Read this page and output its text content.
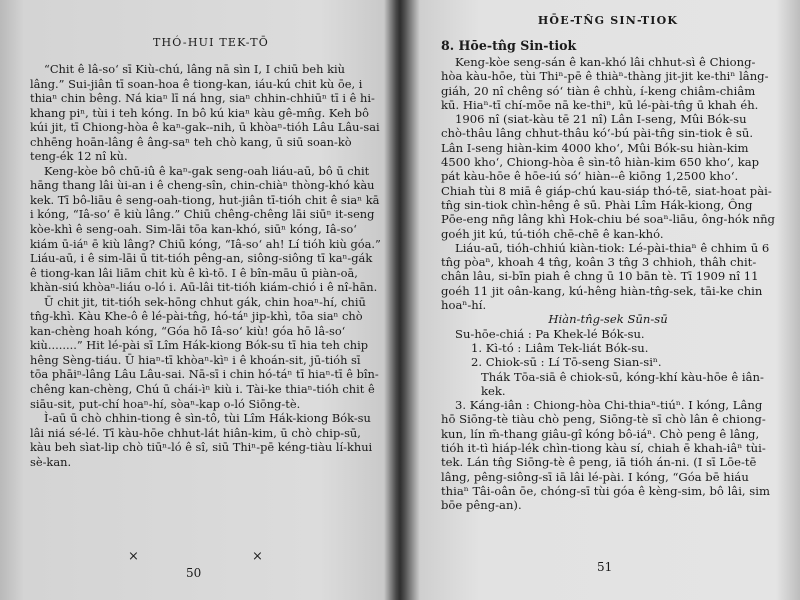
THÓ-HUI TEK-TŌ

“Chit ê lâ-soʻ sī Kiù-chú, lâng nā sìn I, I chiū beh kiù lâng.” Sui-jiân tī soan-hoa ê tiong-kan, iáu-kú chit kù ōe, i thiaⁿ chin bêng. Ná kiaⁿ lī ná hng, siaⁿ chhin-chhiūⁿ tī i ê hi-khang piⁿ, tùi i teh kóng. In bô kú kiaⁿ kàu gê-mn̂g. Keh bô kúi jit, tī Chiong-hòa ê kaⁿ-gak--nih, ū khòaⁿ-tióh Lâu Lâu-sai chhēng hoān-lâng ê âng-saⁿ teh chò kang, ū siū soan-kò teng-ék 12 nî kù.

Keng-kòe bô chū-iû ê kaⁿ-gak seng-oah liáu-aū, bô ū chit hāng thang lâi ùi-an i ê cheng-sîn, chin-chiàⁿ thòng-khó kàu kek. Tī bô-liāu ê seng-oah-tiong, hut-jiân tī-tióh chit ê siaⁿ kā i kóng, “Iâ-soʻ ē kiù lâng.” Chiū chêng-chêng lāi siūⁿ it-seng kòe-khì ê seng-oah. Sim-lāi tōa kan-khó, siūⁿ kóng, Iâ-soʻ kiám ū-iáⁿ ē kiù lâng? Chiū kóng, “Iâ-soʻ ah! Lí tióh kiù góa.” Liáu-aū, i ê sim-lāi ū tit-tióh pêng-an, siông-siông tī kaⁿ-gák ê tiong-kan lâi liām chit kù ê kì-tō. I ê bîn-māu ū piàn-oā, khàn-siú khòaⁿ-liáu o-ló i. Aū-lâi tit-tióh kiám-chió i ê nî-hān.

Ū chit jit, tit-tióh sek-hōng chhut gák, chin hoaⁿ-hí, chiū tn̂g-khì. Kàu Khe-ô ê lé-pài-tn̂g, hó-táⁿ jip-khì, tōa siaⁿ chò kan-chèng hoah kóng, “Góa hō Iâ-soʻ kiù! góa hō lâ-soʻ kiù........” Hit lé-pài sī Lîm Hák-kiong Bók-su tī hia teh chip hêng Sèng-tiáu. Ū hiaⁿ-tī khòaⁿ-kìⁿ i ê khoán-sit, jū-tióh sī tōa phāiⁿ-lâng Lâu Lâu-sai. Nā-sī i chin hó-táⁿ tī hiaⁿ-tī ê bîn-chêng kan-chèng, Chú ū chái-ìⁿ kiù i. Tài-ke thiaⁿ-tióh chit ê siāu-sit, put-chí hoaⁿ-hí, sòaⁿ-kap o-ló Siōng-tè.

Ì-aū ū chò chhin-tiong ê sìn-tô, tùi Lîm Hák-kiong Bók-su lâi niá sé-lé. Tī kàu-hōe chhut-lát hiân-kim, ū chò chip-sū, kàu beh sìat-lip chò tiūⁿ-ló ê sî, siū Thiⁿ-pē kéng-tiàu lí-khui sè-kan.

×	×
50
HŌE-TN̂G SIN-TIOK
8. Hōe-tn̂g Sin-tiok

Keng-kòe seng-sán ê kan-khó lâi chhut-sì ê Chiong-hòa kàu-hōe, tùi Thiⁿ-pē ê thiàⁿ-thàng jit-jit ke-thiⁿ lâng-giáh, 20 nî chêng sóʻ tiàn ê chhù, í-keng chiâm-chiâm kū. Hiaⁿ-tī chí-mōe nā ke-thiⁿ, kū lé-pài-tn̂g ū khah éh.

1906 nî (siat-kàu tē 21 nî) Lân I-seng, Mûi Bók-su chò-thâu lâng chhut-thâu kóʻ-bú pài-tn̂g sin-tiok ê sū. Lân I-seng hiàn-kim 4000 khoʻ, Mûi Bók-su hiàn-kim 4500 khoʻ, Chiong-hòa ê sìn-tô hiàn-kim 650 khoʻ, kap pát kàu-hōe ê hōe-iú sóʻ hiàn--ê kiōng 1,2500 khoʻ. Chiah tùi 8 miā ê giáp-chú kau-siáp thó-tē, siat-hoat pài-tn̂g sin-tiok chìn-hêng ê sū. Phài Lîm Hák-kiong, Ông Pōe-eng nn̄g lâng khì Hok-chiu bé soaⁿ-liāu, ông-hók nn̄g goéh jit kú, tú-tióh chē-chē ê kan-khó.

Liáu-aū, tióh-chhiú kiàn-tiok: Lé-pài-thiaⁿ ê chhim ū 6 tn̂g pòaⁿ, khoah 4 tn̂g, koân 3 tn̂g 3 chhioh, thâh chit-chân lâu, si-bīn piah ê chng ū 10 bān tè. Tī 1909 nî 11 goéh 11 jit oân-kang, kú-hêng hiàn-tn̂g-sek, tāi-ke chin hoaⁿ-hí.

Hiàn-tn̂g-sek Sūn-sū

Su-hōe-chiá : Pa Khek-lé Bók-su.

1. Kì-tó : Liâm Tek-liát Bók-su.

2. Chiok-sū : Lí Tō-seng Sian-siⁿ.

Thák Tōa-siā ê chiok-sū, kóng-khí kàu-hōe ê iân-kek.

3. Káng-iân : Chiong-hòa Chi-thiaⁿ-tiúⁿ. I kóng, Lâng hō Siōng-tè tiàu chò peng, Siōng-tè sī chò lân ê chiong-kun, lín m̄-thang giâu-gî kóng bô-iáⁿ. Chò peng ê lâng, tióh it-tì hiáp-lék chìn-tiong kàu sí, chiah ē khah-iâⁿ tùi-tek. Lán tn̂g Siōng-tè ê peng, iā tióh án-ni. (I sī Lōe-tē lâng, pêng-siông-sī iā lâi lé-pài. I kóng, “Góa bē hiáu thiaⁿ Tâi-oân ōe, chóng-sī tùi góa ê kèng-sim, bô lâi, sim bōe pêng-an).

51
